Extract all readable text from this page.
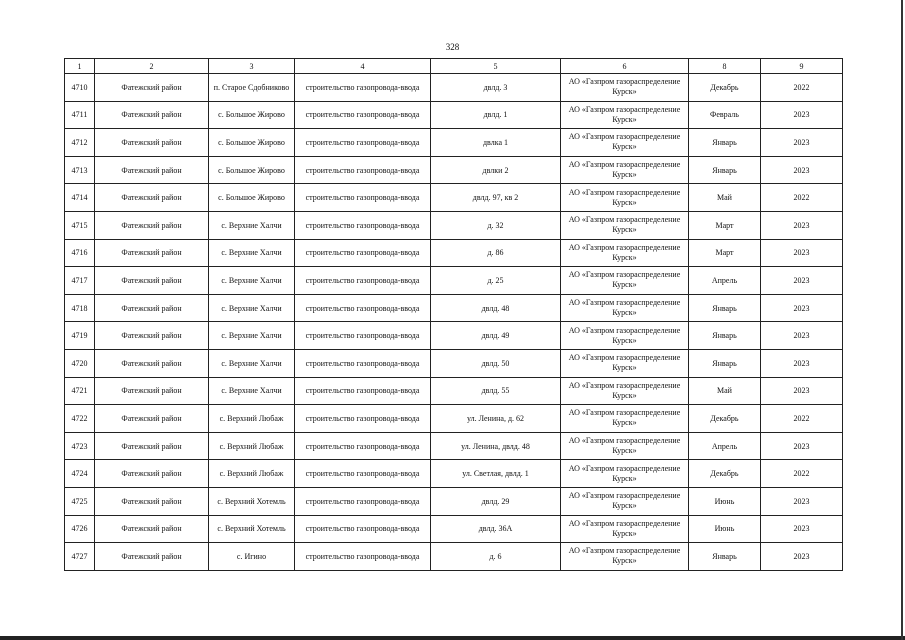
328
1	2	3	4	5	6	8	9
4710	Фатежский район	п. Старое Сдобниково	строительство газопровода-ввода	двлд. 3	АО «Газпром газораспределение Курск»	Декабрь	2022
4711	Фатежский район	с. Большое Жирово	строительство газопровода-ввода	двлд. 1	АО «Газпром газораспределение Курск»	Февраль	2023
4712	Фатежский район	с. Большое Жирово	строительство газопровода-ввода	двлка 1	АО «Газпром газораспределение Курск»	Январь	2023
4713	Фатежский район	с. Большое Жирово	строительство газопровода-ввода	двлки 2	АО «Газпром газораспределение Курск»	Январь	2023
4714	Фатежский район	с. Большое Жирово	строительство газопровода-ввода	двлд. 97, кв 2	АО «Газпром газораспределение Курск»	Май	2022
4715	Фатежский район	с. Верхние Халчи	строительство газопровода-ввода	д. 32	АО «Газпром газораспределение Курск»	Март	2023
4716	Фатежский район	с. Верхние Халчи	строительство газопровода-ввода	д. 86	АО «Газпром газораспределение Курск»	Март	2023
4717	Фатежский район	с. Верхние Халчи	строительство газопровода-ввода	д. 25	АО «Газпром газораспределение Курск»	Апрель	2023
4718	Фатежский район	с. Верхние Халчи	строительство газопровода-ввода	двлд. 48	АО «Газпром газораспределение Курск»	Январь	2023
4719	Фатежский район	с. Верхние Халчи	строительство газопровода-ввода	двлд. 49	АО «Газпром газораспределение Курск»	Январь	2023
4720	Фатежский район	с. Верхние Халчи	строительство газопровода-ввода	двлд. 50	АО «Газпром газораспределение Курск»	Январь	2023
4721	Фатежский район	с. Верхние Халчи	строительство газопровода-ввода	двлд. 55	АО «Газпром газораспределение Курск»	Май	2023
4722	Фатежский район	с. Верхний Любаж	строительство газопровода-ввода	ул. Ленина, д. 62	АО «Газпром газораспределение Курск»	Декабрь	2022
4723	Фатежский район	с. Верхний Любаж	строительство газопровода-ввода	ул. Ленина, двлд. 48	АО «Газпром газораспределение Курск»	Апрель	2023
4724	Фатежский район	с. Верхний Любаж	строительство газопровода-ввода	ул. Светлая, двлд. 1	АО «Газпром газораспределение Курск»	Декабрь	2022
4725	Фатежский район	с. Верхний Хотемль	строительство газопровода-ввода	двлд. 29	АО «Газпром газораспределение Курск»	Июнь	2023
4726	Фатежский район	с. Верхний Хотемль	строительство газопровода-ввода	двлд. 36А	АО «Газпром газораспределение Курск»	Июнь	2023
4727	Фатежский район	с. Игино	строительство газопровода-ввода	д. 6	АО «Газпром газораспределение Курск»	Январь	2023
